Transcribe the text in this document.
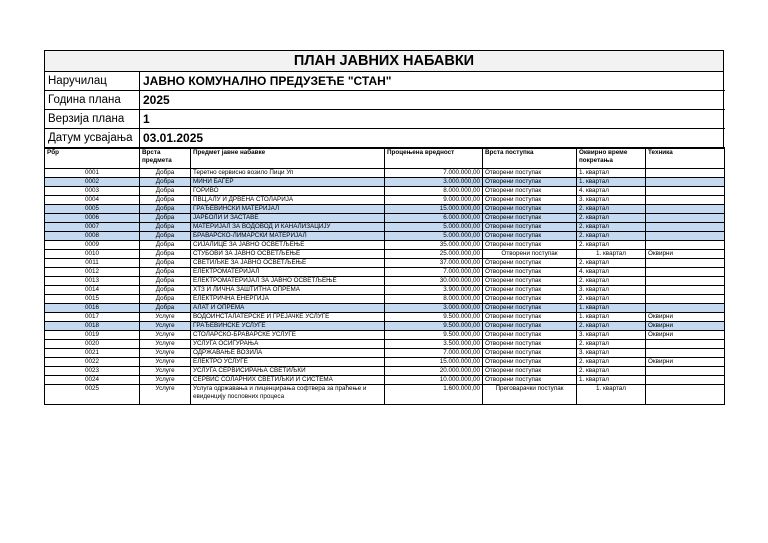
ПЛАН ЈАВНИХ НАБАВКИ
Наручилац	ЈАВНО КОМУНАЛНО ПРЕДУЗЕЋЕ "СТАН"
Година плана	2025
Верзија плана	1
Датум усвајања 03.01.2025
Рбр	Врста предмета	Предмет јавне набавке	Процењена вредност	Врста поступка	Оквирно време покретања	Техника
0001	Добра	Теретно сервисно возило Пици Уп	7.000.000,00	Отворени поступак	1. квартал	
0002	Добра	МИНИ БАГЕР	3.000.000,00	Отворени поступак	1. квартал	
0003	Добра	ГОРИВО	8.000.000,00	Отворени поступак	4. квартал	
0004	Добра	ПВЦ,АЛУ И ДРВЕНА СТОЛАРИЈА	9.000.000,00	Отворени поступак	3. квартал	
0005	Добра	ГРАЂЕВИНСКИ МАТЕРИЈАЛ	15.000.000,00	Отворени поступак	2. квартал	
0006	Добра	ЈАРБОЛИ И ЗАСТАВЕ	6.000.000,00	Отворени поступак	2. квартал	
0007	Добра	МАТЕРИЈАЛ ЗА ВОДОВОД И КАНАЛИЗАЦИЈУ	5.000.000,00	Отворени поступак	2. квартал	
0008	Добра	БРАВАРСКО-ЛИМАРСКИ МАТЕРИЈАЛ	5.000.000,00	Отворени поступак	2. квартал	
0009	Добра	СИЈАЛИЦЕ ЗА ЈАВНО ОСВЕТЉЕЊЕ	35.000.000,00	Отворени поступак	2. квартал	
0010	Добра	СТУБОВИ ЗА ЈАВНО ОСВЕТЉЕЊЕ	25.000.000,00	Отворени поступак	1. квартал	Оквирни
0011	Добра	СВЕТИЉКЕ ЗА ЈАВНО ОСВЕТЉЕЊЕ	37.000.000,00	Отворени поступак	2. квартал	
0012	Добра	ЕЛЕКТРОМАТЕРИЈАЛ	7.000.000,00	Отворени поступак	4. квартал	
0013	Добра	ЕЛЕКТРОМАТЕРИЈАЛ ЗА ЈАВНО ОСВЕТЉЕЊЕ	30.000.000,00	Отворени поступак	2. квартал	
0014	Добра	ХТЗ И ЛИЧНА ЗАШТИТНА ОПРЕМА	3.900.000,00	Отворени поступак	3. квартал	
0015	Добра	ЕЛЕКТРИЧНА ЕНЕРГИЈА	8.000.000,00	Отворени поступак	2. квартал	
0016	Добра	АЛАТ И ОПРЕМА	3.000.000,00	Отворени поступак	1. квартал	
0017	Услуге	ВОДОИНСТАЛАТЕРСКЕ И ГРЕЈАЧКЕ УСЛУГЕ	9.500.000,00	Отворени поступак	1. квартал	Оквирни
0018	Услуге	ГРАЂЕВИНСКЕ УСЛУГЕ	9.500.000,00	Отворени поступак	2. квартал	Оквирни
0019	Услуге	СТОЛАРСКО-БРАВАРСКЕ УСЛУГЕ	9.500.000,00	Отворени поступак	3. квартал	Оквирни
0020	Услуге	УСЛУГА ОСИГУРАЊА	3.500.000,00	Отворени поступак	2. квартал	
0021	Услуге	ОДРЖАВАЊЕ ВОЗИЛА	7.000.000,00	Отворени поступак	3. квартал	
0022	Услуге	ЕЛЕКТРО УСЛУГЕ	15.000.000,00	Отворени поступак	2. квартал	Оквирни
0023	Услуге	УСЛУГА СЕРВИСИРАЊА СВЕТИЉКИ	20.000.000,00	Отворени поступак	2. квартал	
0024	Услуге	СЕРВИС СОЛАРНИХ СВЕТИЉКИ И СИСТЕМА	10.000.000,00	Отворени поступак	1. квартал	
0025	Услуге	Услуга одржавања и лиценцирања софтвера за праћење и евиденцију пословних процеса	1.600.000,00	Преговарачки поступак	1. квартал	
